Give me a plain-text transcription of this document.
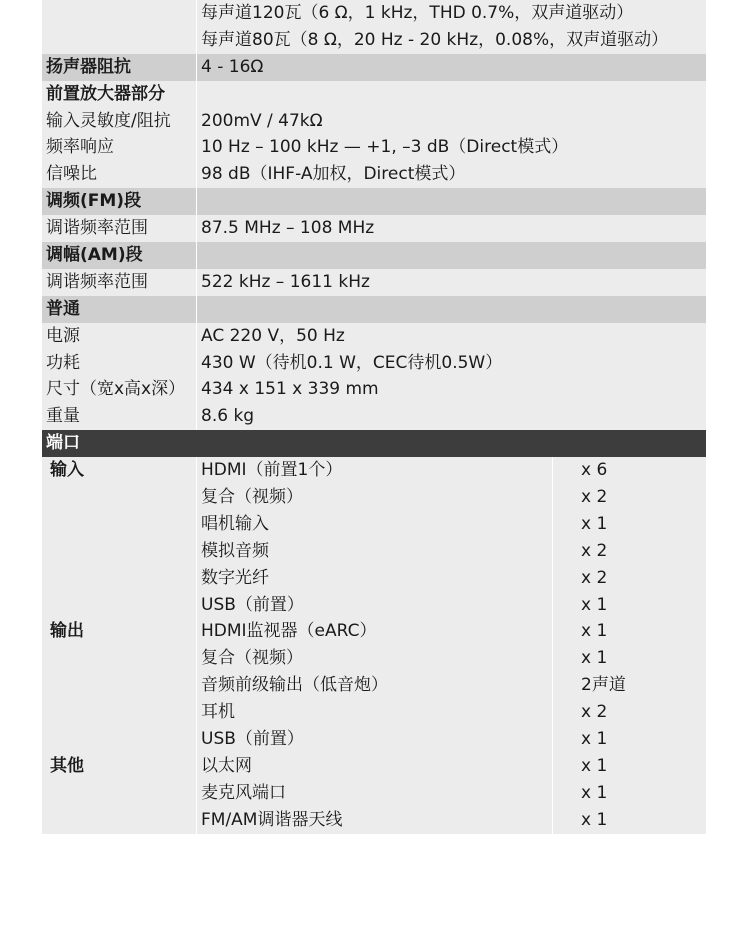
每声道120瓦（6 Ω，1 kHz，THD 0.7%，双声道驱动）
每声道80瓦（8 Ω，20 Hz - 20 kHz，0.08%，双声道驱动）
扬声器阻抗	4 - 16Ω
前置放大器部分
输入灵敏度/阻抗	200mV / 47kΩ
频率响应	10 Hz – 100 kHz — +1, –3 dB（Direct模式）
信噪比	98 dB（IHF-A加权，Direct模式）
调频(FM)段
调谐频率范围	87.5 MHz – 108 MHz
调幅(AM)段
调谐频率范围	522 kHz – 1611 kHz
普通
电源	AC 220 V，50 Hz
功耗	430 W（待机0.1 W，CEC待机0.5W）
尺寸（宽x高x深） 434 x 151 x 339 mm
重量	8.6 kg
端口
输入	HDMI（前置1个）	x 6
复合（视频）	x 2
唱机输入	x 1
模拟音频	x 2
数字光纤	x 2
USB（前置）	x 1
输出	HDMI监视器（eARC）	x 1
复合（视频）	x 1
音频前级输出（低音炮）	2声道
耳机	x 2
USB（前置）	x 1
其他	以太网	x 1
麦克风端口	x 1
FM/AM调谐器天线	x 1
